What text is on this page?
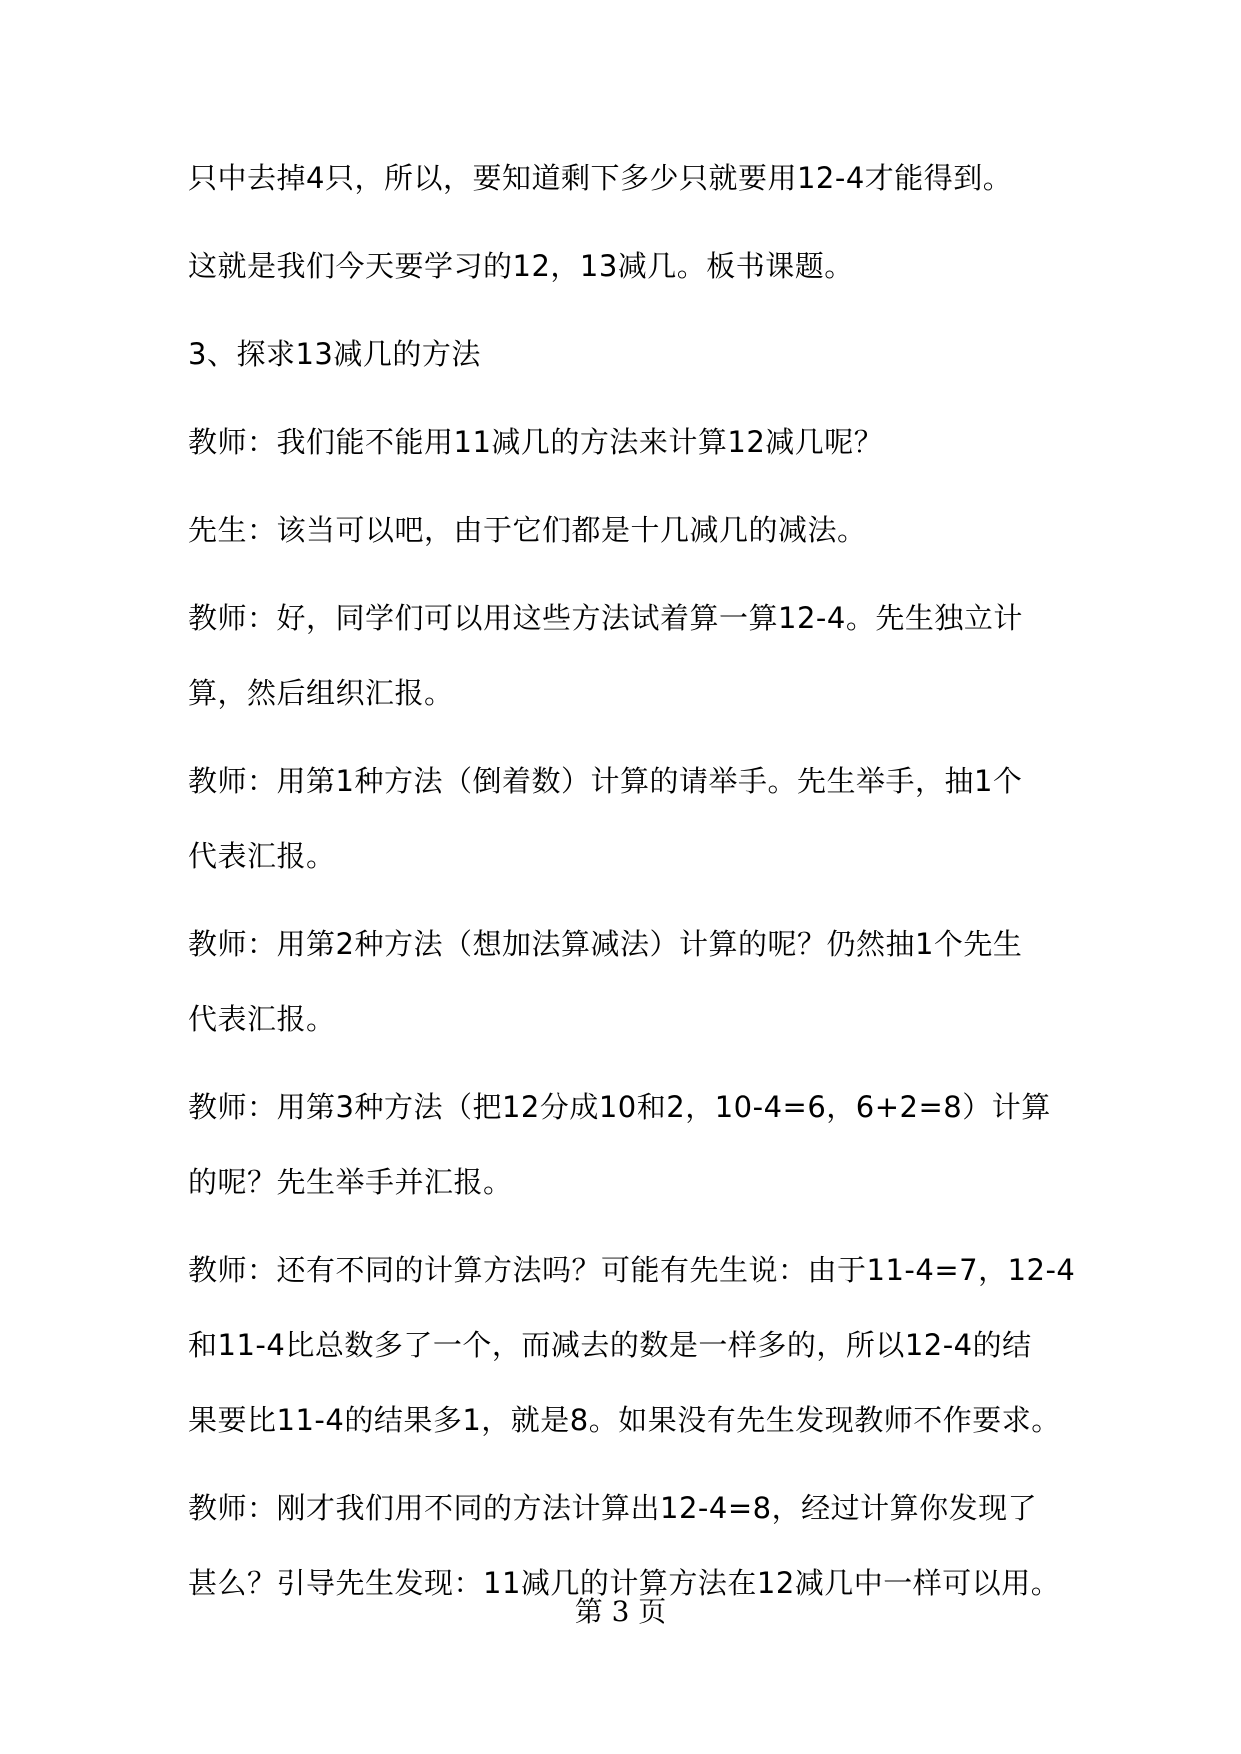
只中去掉4只，所以，要知道剩下多少只就要用12-4才能得到。
这就是我们今天要学习的12，13减几。板书课题。
3、探求13减几的方法
教师：我们能不能用11减几的方法来计算12减几呢？
先生：该当可以吧，由于它们都是十几减几的减法。
教师：好，同学们可以用这些方法试着算一算12-4。先生独立计
算，然后组织汇报。
教师：用第1种方法（倒着数）计算的请举手。先生举手，抽1个
代表汇报。
教师：用第2种方法（想加法算减法）计算的呢？仍然抽1个先生
代表汇报。
教师：用第3种方法（把12分成10和2，10-4=6，6+2=8）计算
的呢？先生举手并汇报。
教师：还有不同的计算方法吗？可能有先生说：由于11-4=7，12-4
和11-4比总数多了一个，而减去的数是一样多的，所以12-4的结
果要比11-4的结果多1，就是8。如果没有先生发现教师不作要求。
教师：刚才我们用不同的方法计算出12-4=8，经过计算你发现了
甚么？引导先生发现：11减几的计算方法在12减几中一样可以用。
第 3 页
